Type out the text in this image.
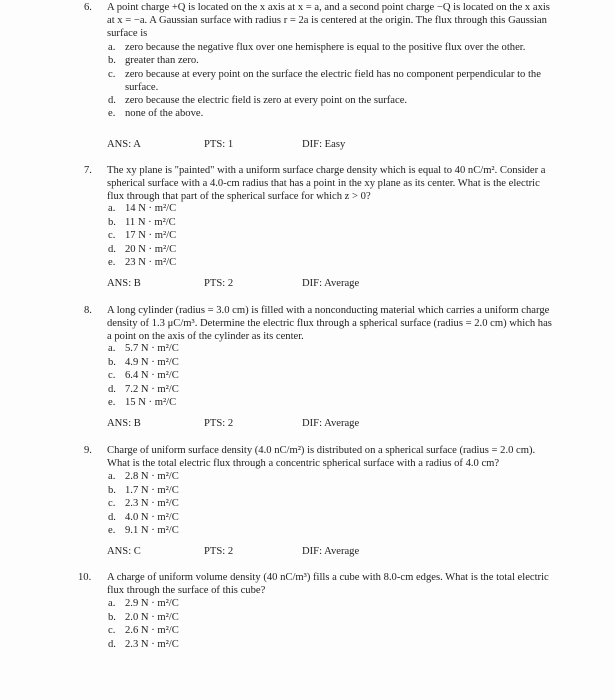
6. A point charge +Q is located on the x axis at x = a, and a second point charge −Q is located on the x axis at x = −a. A Gaussian surface with radius r = 2a is centered at the origin. The flux through this Gaussian surface is

a. zero because the negative flux over one hemisphere is equal to the positive flux over the other.
b. greater than zero.
c. zero because at every point on the surface the electric field has no component perpendicular to the surface.
d. zero because the electric field is zero at every point on the surface.
e. none of the above.
ANS: A	PTS: 1	DIF: Easy
7. The xy plane is "painted" with a uniform surface charge density which is equal to 40 nC/m². Consider a spherical surface with a 4.0-cm radius that has a point in the xy plane as its center. What is the electric flux through that part of the spherical surface for which z > 0?

a. 14 N · m²/C
b. 11 N · m²/C
c. 17 N · m²/C
d. 20 N · m²/C
e. 23 N · m²/C
ANS: B	PTS: 2	DIF: Average
8. A long cylinder (radius = 3.0 cm) is filled with a nonconducting material which carries a uniform charge density of 1.3 μC/m³. Determine the electric flux through a spherical surface (radius = 2.0 cm) which has a point on the axis of the cylinder as its center.

a. 5.7 N · m²/C
b. 4.9 N · m²/C
c. 6.4 N · m²/C
d. 7.2 N · m²/C
e. 15 N · m²/C
ANS: B	PTS: 2	DIF: Average
9. Charge of uniform surface density (4.0 nC/m²) is distributed on a spherical surface (radius = 2.0 cm). What is the total electric flux through a concentric spherical surface with a radius of 4.0 cm?

a. 2.8 N · m²/C
b. 1.7 N · m²/C
c. 2.3 N · m²/C
d. 4.0 N · m²/C
e. 9.1 N · m²/C
ANS: C	PTS: 2	DIF: Average
10. A charge of uniform volume density (40 nC/m³) fills a cube with 8.0-cm edges. What is the total electric flux through the surface of this cube?

a. 2.9 N · m²/C
b. 2.0 N · m²/C
c. 2.6 N · m²/C
d. 2.3 N · m²/C
